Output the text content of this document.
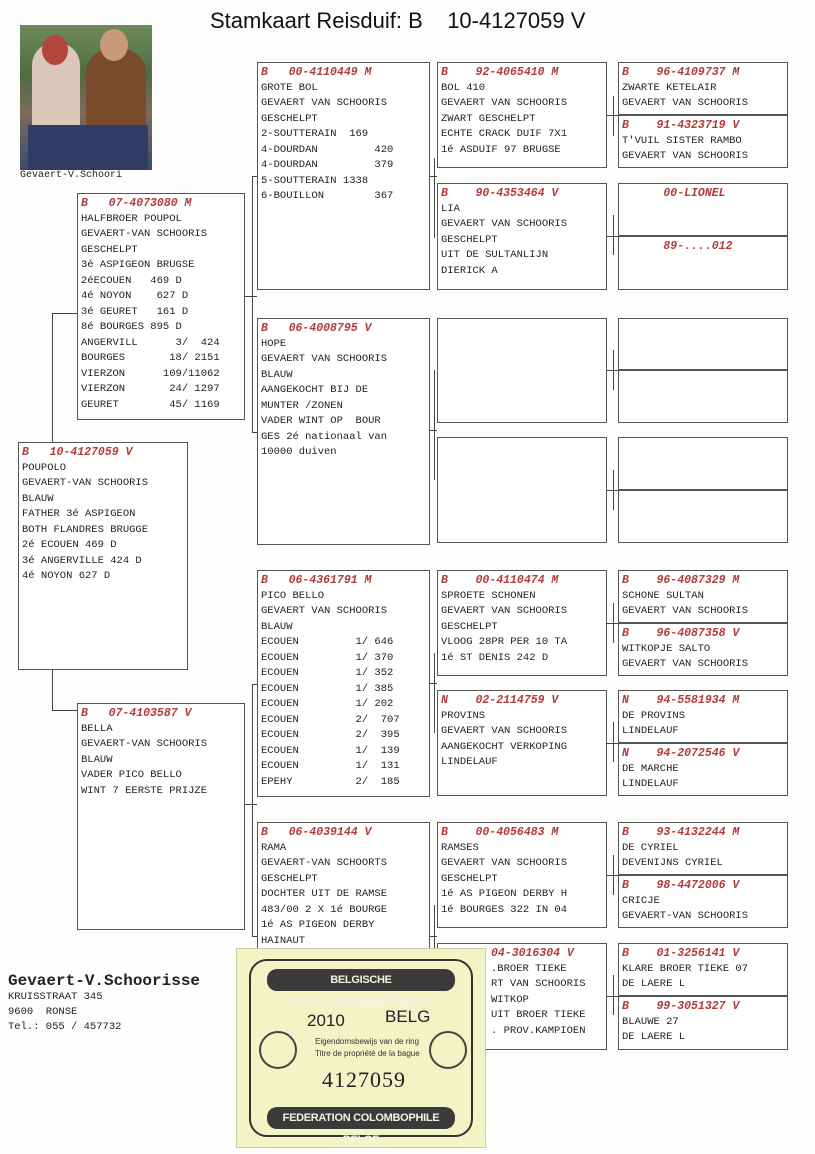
Stamkaart Reisduif: B    10-4127059 V
Gevaert-V.Schoori
B   10-4127059 V
POUPOLO
GEVAERT-VAN SCHOORIS
BLAUW
FATHER 3é ASPIGEON
BOTH FLANDRES BRUGGE
2é ECOUEN 469 D
3é ANGERVILLE 424 D
4é NOYON 627 D
B   07-4073080 M
HALFBROER POUPOL
GEVAERT-VAN SCHOORIS
GESCHELPT
3é ASPIGEON BRUGSE
2éECOUEN   469 D
4é NOYON    627 D
3é GEURET   161 D
8é BOURGES 895 D
ANGERVILL      3/  424
BOURGES       18/ 2151
VIERZON      109/11062
VIERZON       24/ 1297
GEURET        45/ 1169
B   07-4103587 V
BELLA
GEVAERT-VAN SCHOORIS
BLAUW
VADER PICO BELLO
WINT 7 EERSTE PRIJZE
B   00-4110449 M
GROTE BOL
GEVAERT VAN SCHOORIS
GESCHELPT
2-SOUTTERAIN  169
4-DOURDAN         420
4-DOURDAN         379
5-SOUTTERAIN 1338
6-BOUILLON        367
B   06-4008795 V
HOPE
GEVAERT VAN SCHOORIS
BLAUW
AANGEKOCHT BIJ DE
MUNTER /ZONEN
VADER WINT OP  BOUR
GES 2é nationaal van
10000 duiven
B   06-4361791 M
PICO BELLO
GEVAERT VAN SCHOORIS
BLAUW
ECOUEN         1/ 646
ECOUEN         1/ 370
ECOUEN         1/ 352
ECOUEN         1/ 385
ECOUEN         1/ 202
ECOUEN         2/  707
ECOUEN         2/  395
ECOUEN         1/  139
ECOUEN         1/  131
EPEHY          2/  185
B   06-4039144 V
RAMA
GEVAERT-VAN SCHOORTS
GESCHELPT
DOCHTER UIT DE RAMSE
483/00 2 X 1é BOURGE
1é AS PIGEON DERBY
HAINAUT
B    92-4065410 M
BOL 410
GEVAERT VAN SCHOORIS
ZWART GESCHELPT
ECHTE CRACK DUIF 7X1
1é ASDUIF 97 BRUGSE
B    90-4353464 V
LIA
GEVAERT VAN SCHOORIS
GESCHELPT
UIT DE SULTANLIJN
DIERICK A
B    00-4110474 M
SPROETE SCHONEN
GEVAERT VAN SCHOORIS
GESCHELPT
VLOOG 28PR PER 10 TA
1é ST DENIS 242 D
N    02-2114759 V
PROVINS
GEVAERT VAN SCHOORIS
AANGEKOCHT VERKOPING
LINDELAUF
B    00-4056483 M
RAMSES
GEVAERT VAN SCHOORIS
GESCHELPT
1é AS PIGEON DERBY H
1é BOURGES 322 IN 04
04-3016304 V
.BROER TIEKE
RT VAN SCHOORIS
WITKOP
UIT BROER TIEKE
. PROV.KAMPIOEN
B    96-4109737 M
ZWARTE KETELAIR
GEVAERT VAN SCHOORIS
B    91-4323719 V
T'VUIL SISTER RAMBO
GEVAERT VAN SCHOORIS
00-LIONEL
89-....012
B    96-4087329 M
SCHONE SULTAN
GEVAERT VAN SCHOORIS
B    96-4087358 V
WITKOPJE SALTO
GEVAERT VAN SCHOORIS
N    94-5581934 M
DE PROVINS
LINDELAUF
N    94-2072546 V
DE MARCHE
LINDELAUF
B    93-4132244 M
DE CYRIEL
DEVENIJNS CYRIEL
B    98-4472006 V
CRICJE
GEVAERT-VAN SCHOORIS
B    01-3256141 V
KLARE BROER TIEKE 07
DE LAERE L
B    99-3051327 V
BLAUWE 27
DE LAERE L
Gevaert-V.Schoorisse
KRUISSTRAAT 345
9600  RONSE
Tel.: 055 / 457732
BELGISCHE DUIVENLIEFHEBBERSBOND
2010 BELG
Eigendomsbewijs van de ring
Titre de propriété de la bague
4127059
FEDERATION COLOMBOPHILE BELGE
